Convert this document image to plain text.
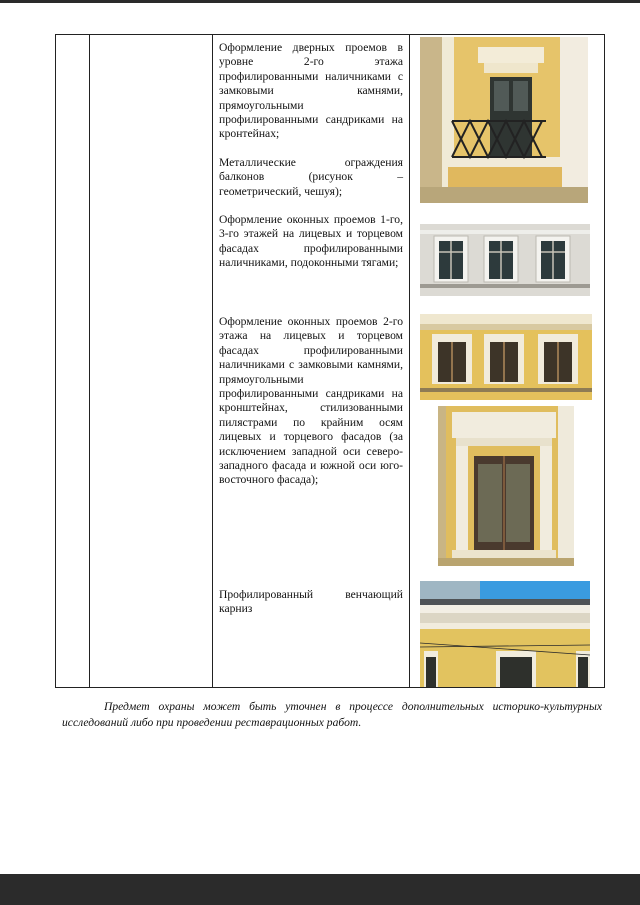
Оформление дверных проемов в уровне 2-го этажа профилированными наличниками с замковыми камнями, прямоугольными профилированными сандриками на кронтейнах;
Металлические ограждения балконов (рисунок – геометрический, чешуя);
Оформление оконных проемов 1-го, 3-го этажей на лицевых и торцевом фасадах профилированными наличниками, подоконными тягами;
Оформление оконных проемов 2-го этажа на лицевых и торцевом фасадах профилированными наличниками с замковыми камнями, прямоугольными профилированными сандриками на кронштейнах, стилизованными пилястрами по крайним осям лицевых и торцевого фасадов (за исключением западной оси северо-западного фасада и южной оси юго-восточного фасада);
Профилированный венчающий карниз
Предмет охраны может быть уточнен в процессе дополнительных историко-культурных исследований либо при проведении реставрационных работ.
